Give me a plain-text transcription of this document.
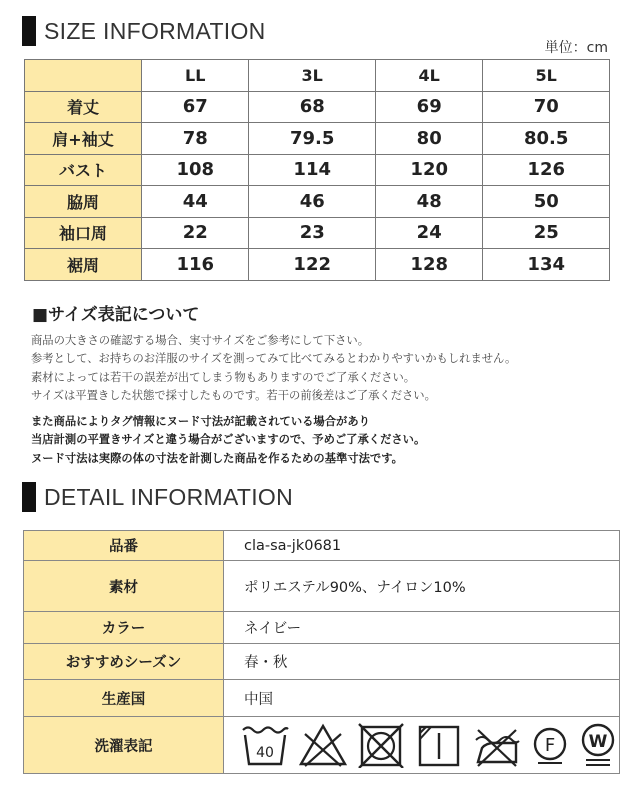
SIZE INFORMATION
単位：cm
	LL	3L	4L	5L
着丈	67	68	69	70
肩+袖丈	78	79.5	80	80.5
バスト	108	114	120	126
脇周	44	46	48	50
袖口周	22	23	24	25
裾周	116	122	128	134
■サイズ表記について
商品の大きさの確認する場合、実寸サイズをご参考にして下さい。
参考として、お持ちのお洋服のサイズを測ってみて比べてみるとわかりやすいかもしれません。
素材によっては若干の誤差が出てしまう物もありますのでご了承ください。
サイズは平置きした状態で採寸したものです。若干の前後差はご了承ください。
また商品によりタグ情報にヌード寸法が記載されている場合があり
当店計測の平置きサイズと違う場合がございますので、予めご了承ください。
ヌード寸法は実際の体の寸法を計測した商品を作るための基準寸法です。
DETAIL INFORMATION
品番	cla-sa-jk0681
素材	ポリエステル90%、ナイロン10%
カラー	ネイビー
おすすめシーズン	春・秋
生産国	中国
洗濯表記	40 F W
